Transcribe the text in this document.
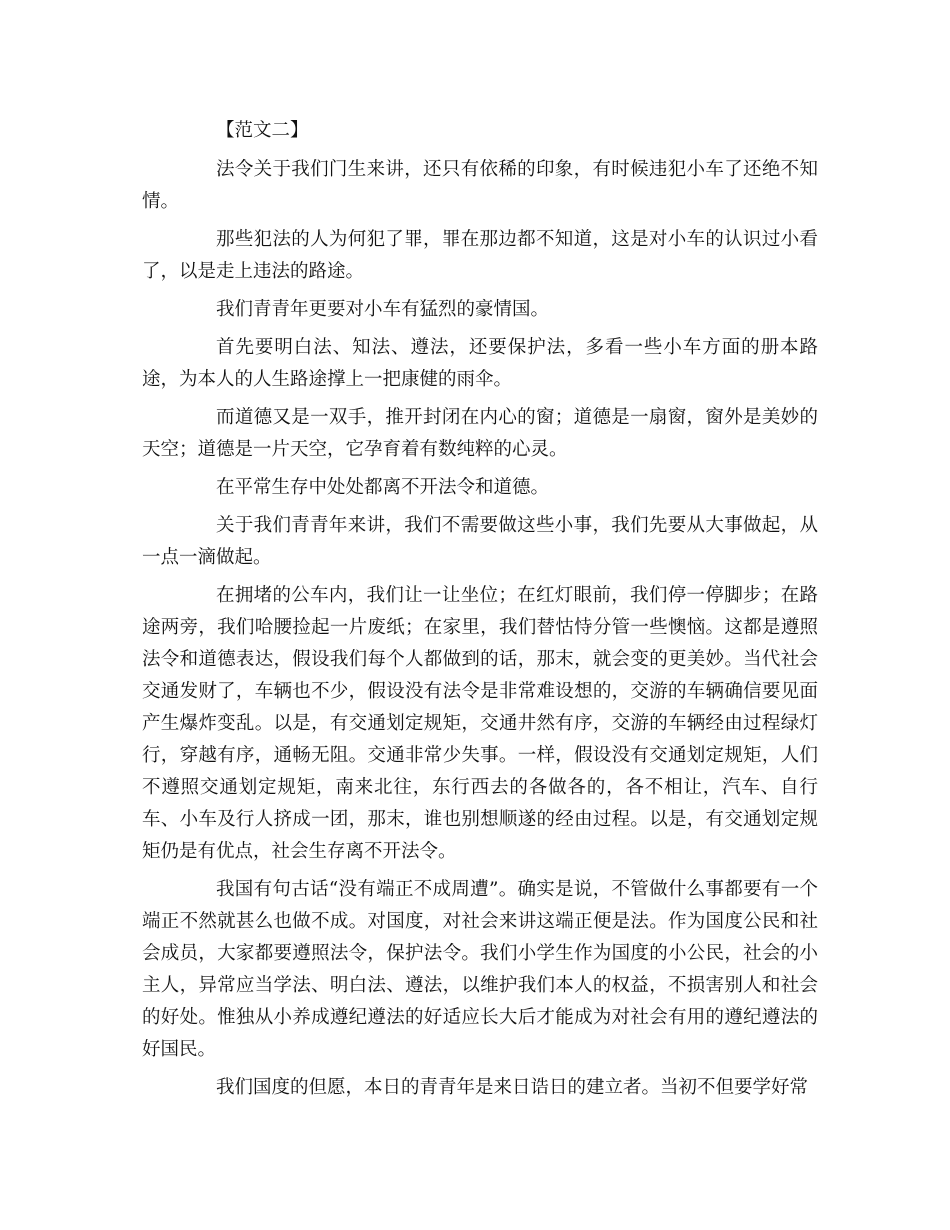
【范文二】

法令关于我们门生来讲，还只有依稀的印象，有时候违犯小车了还绝不知情。

那些犯法的人为何犯了罪，罪在那边都不知道，这是对小车的认识过小看了，以是走上违法的路途。

我们青青年更要对小车有猛烈的豪情国。

首先要明白法、知法、遵法，还要保护法，多看一些小车方面的册本路途，为本人的人生路途撑上一把康健的雨伞。

而道德又是一双手，推开封闭在内心的窗；道德是一扇窗，窗外是美妙的天空；道德是一片天空，它孕育着有数纯粹的心灵。

在平常生存中处处都离不开法令和道德。

关于我们青青年来讲，我们不需要做这些小事，我们先要从大事做起，从一点一滴做起。

在拥堵的公车内，我们让一让坐位；在红灯眼前，我们停一停脚步；在路途两旁，我们哈腰捡起一片废纸；在家里，我们替怙恃分管一些懊恼。这都是遵照法令和道德表达，假设我们每个人都做到的话，那末，就会变的更美妙。当代社会交通发财了，车辆也不少，假设没有法令是非常难设想的，交游的车辆确信要见面产生爆炸变乱。以是，有交通划定规矩，交通井然有序，交游的车辆经由过程绿灯行，穿越有序，通畅无阻。交通非常少失事。一样，假设没有交通划定规矩，人们不遵照交通划定规矩，南来北往，东行西去的各做各的，各不相让，汽车、自行车、小车及行人挤成一团，那末，谁也别想顺遂的经由过程。以是，有交通划定规矩仍是有优点，社会生存离不开法令。

我国有句古话“没有端正不成周遭”。确实是说，不管做什么事都要有一个端正不然就甚么也做不成。对国度，对社会来讲这端正便是法。作为国度公民和社会成员，大家都要遵照法令，保护法令。我们小学生作为国度的小公民，社会的小主人，异常应当学法、明白法、遵法，以维护我们本人的权益，不损害别人和社会的好处。惟独从小养成遵纪遵法的好适应长大后才能成为对社会有用的遵纪遵法的好国民。

我们国度的但愿，本日的青青年是来日诰日的建立者。当初不但要学好常
